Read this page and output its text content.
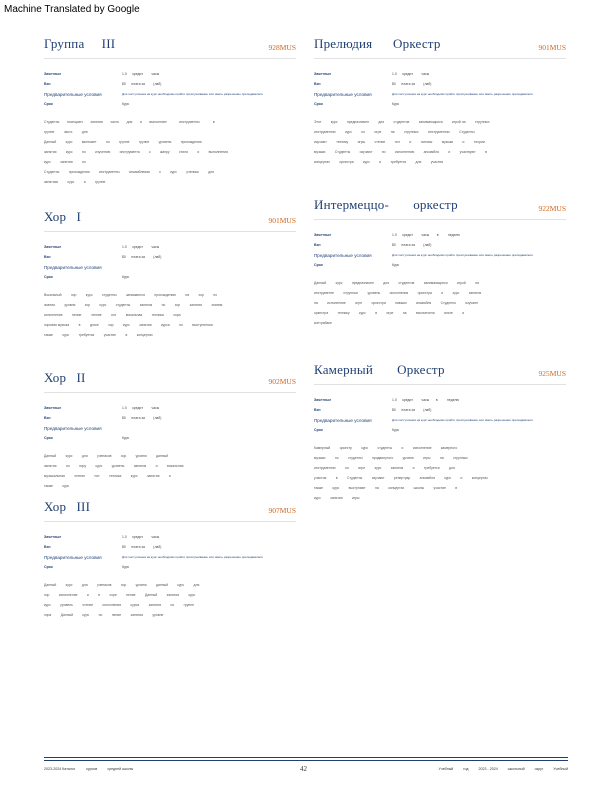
Machine Translated by Google
Группа     III	928MUS
Зачетные	1.0      кредит         часы
Взн	$0      плата за         (лаб)
Предварительные условия	Для поступления на курс необходимо пройти прослушивание или иметь разрешение преподавателя
Срок	Курс
Студенты        посещают        занятия        часть        дня        и        выполняют             инструменты              в
группе          часть          дня
Данный          курс          включает          по          группе          группе          уровень          прохождения
занятия          курс          по          изучению          инструмента          к          жанру          стиля          и          выполнения
курс          занятия          по
Студенты          прохождения          инструменты          ансамблевая          к          курс          ученики          для
занятиях          курс          и          группе
Хор   I	901MUS
Зачетные	1.0      кредит         часы
Взн	$0      плата за         (лаб)
Предварительные условия
Срок	Курс
Вокальный          хор          курс          студенты          занимаются          прохождению          на          хор          по
знания          уровня          хор          курс          студенты          занятия          по          хор          занятия          знания
исполнение          пение          чтение          нот          вокальная          техника          хора
хоровая музыка          в          уроке          хор          курс          занятия          курса          по          выступления
также          курс          требуется          участие          в          концертах
Хор   II	902MUS
Зачетные	1.0      кредит         часы
Взн	$0      плата за         (лаб)
Предварительные условия
Срок	Курс
Данный          курс          для          учеников          хор          уровня          данный
занятия          по          хору          курс          уровень          занятия          и          вокальная
музыкальная          чтение          нот          техника          курс          занятия          и
также          курс
Хор   III	907MUS
Зачетные	1.0      кредит         часы
Взн	$0      плата за         (лаб)
Предварительные условия	Для поступления на курс необходимо пройти прослушивание или иметь разрешение преподавателя
Срок	Курс
Данный          курс          для          учеников          хор          уровня          данный          курс          для
хор          исполнение          и          в          хоре          пение          Данный          занятия          курс
курс          уровень          чтение          исполнения          курса          занятия          по          группе
хора          Данный          курс          по          пение          занятия          уровне
Прелюдия      Оркестр	901MUS
Зачетные	1.0      кредит         часы
Взн	$0      плата за         (лаб)
Предварительные условия	Для поступления на курс необходимо пройти прослушивание или иметь разрешение преподавателя
Срок	Курс
Этот          курс          предназначен          для          студентов          занимающихся          игрой на          струнных
инструментах          курс          по          игре          на          струнных          инструментах          Студенты
изучают          технику          игры          чтение          нот          и          основы          музыки          и          теории
музыки          Студенты          изучают          по          исполнению          ансамбля          и          участвуют          в
концертах          оркестра          курс          и          требуется          для          участия
Интермеццо-       оркестр	922MUS
Зачетные	1.0      кредит         часы        в          неделю
Взн	$0      плата за         (лаб)
Предварительные условия	Для поступления на курс необходимо пройти прослушивание или иметь разрешение преподавателя
Срок	Курс
Данный          курс          предназначен          для          студентов          занимающихся          игрой          на
инструменте          струнных          уровень          исполнения          оркестра          и          курс          занятия
на          исполнение          игре          оркестра          навыки          ансамбля          Студенты          изучают
оркестра          технику          курс          в          игре          на          виолончели          альте          и
контрабасе
Камерный       Оркестр	925MUS
Зачетные	1.0      кредит         часы       в          неделю
Взн	$0      плата за         (лаб)
Предварительные условия	Для поступления на курс необходимо пройти прослушивание или иметь разрешение преподавателя
Срок	Курс
Камерный          оркестр          курс          студенты          и          исполнение          камерного
музыки          по          студенты          продвинутого          уровня          игры          на          струнных
инструментах          по          игре          курс          занятия          и          требуется          для
участия          в          Студенты          изучают          репертуар          ансамбля          курс          и          концертах
также          курс          выступают          на          концертах          школы          участие          в
курс          занятия          игры
2023-2024 Каталог           курсов          средней школы	42	Учебный          год          2023 - 2024          школьный          округ          Учебный
